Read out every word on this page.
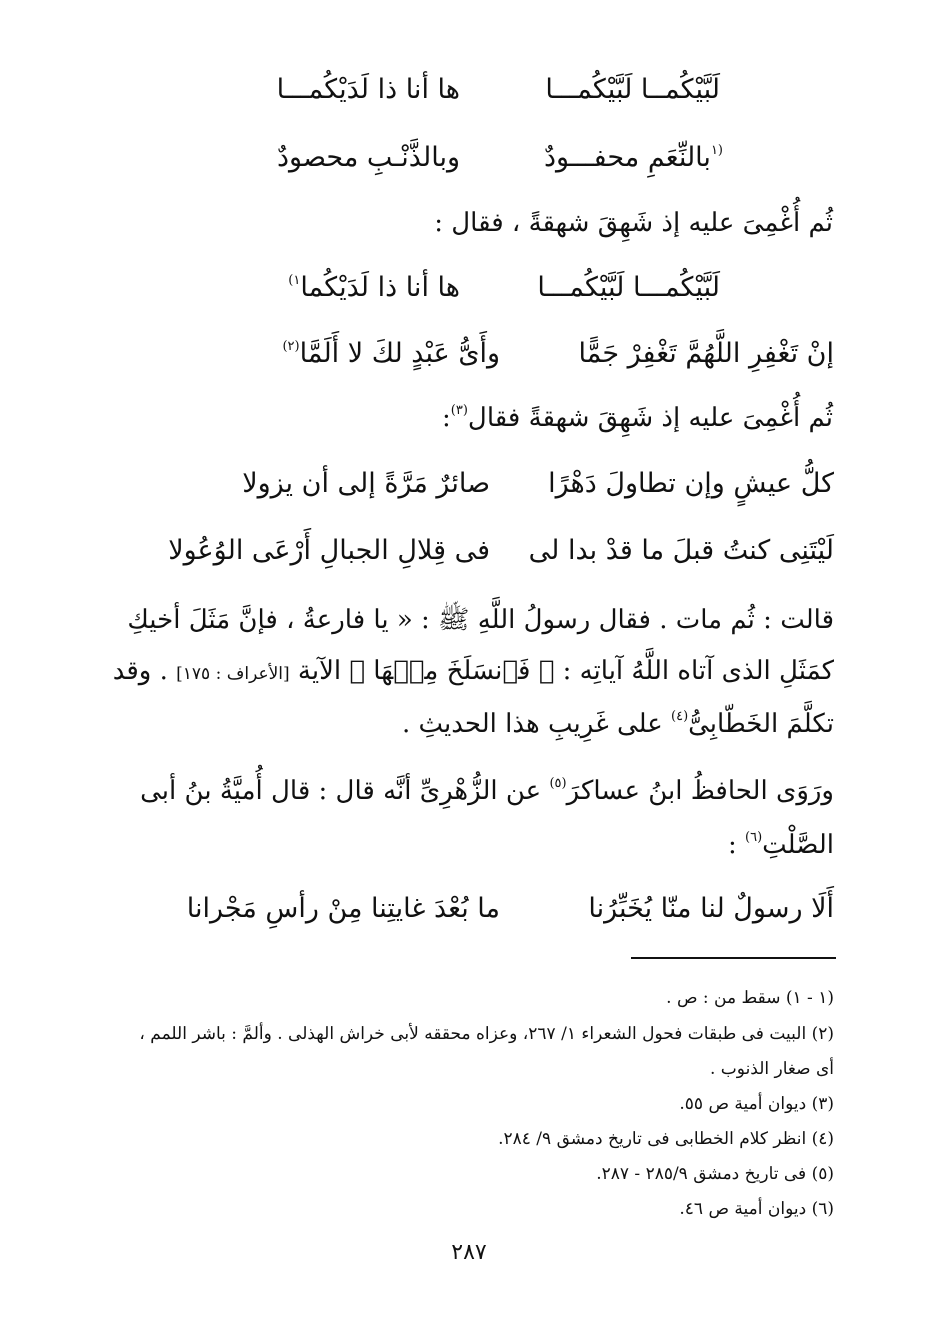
لَبَّيْكُمــا لَبَّيْكُمـــا
ها أنا ذا لَدَيْكُمـــا
$^{(١}$بالنِّعَمِ محفـــودٌ
وبالذَّنْـبِ محصودٌ
ثُم أُغْمِىَ عليه إذ شَهِقَ شهقةً ، فقال :
لَبَّيْكُمـــا لَبَّيْكُمـــا
ها أنا ذا لَدَيْكُما$^{١)}$
إنْ تَغْفِرِ اللَّهُمَّ تَغْفِرْ جَمًّا
وأَىُّ عَبْدٍ لكَ لا أَلَمَّا$^{(٢)}$
ثُم أُغْمِىَ عليه إذ شَهِقَ شهقةً فقال$^{(٣)}$:
كلُّ عيشٍ وإن تطاولَ دَهْرًا
صائرٌ مَرَّةً إلى أن يزولا
لَيْتَنِى كنتُ قبلَ ما قدْ بدا لى
فى قِلالِ الجبالِ أَرْعَى الوُعُولا
قالت : ثُم مات . فقال رسولُ اللَّهِ ﷺ : « يا فارعةُ ، فإنَّ مَثَلَ أخيكِ
كمَثَلِ الذى آتاه اللَّهُ آياتِه : ﴿ فَٱنسَلَخَ مِنۡهَا ﴾ الآية [الأعراف : ١٧٥] . وقد
تكلَّمَ الخَطّابِىُّ$^{(٤)}$ على غَرِيبِ هذا الحديثِ .
ورَوَى الحافظُ ابنُ عساكرَ$^{(٥)}$ عن الزُّهْرِىِّ أنَّه قال : قال أُميَّةُ بنُ أبى
الصَّلْتِ$^{(٦)}$ :
أَلَا رسولٌ لنا منّا يُخَبِّرُنا
ما بُعْدَ غايتِنا مِنْ رأسِ مَجْرانا
(١ - ١) سقط من : ص .
(٢) البيت فى طبقات فحول الشعراء ١/ ٢٦٧، وعزاه محققه لأبى خراش الهذلى . وألمَّ : باشر اللمم ،
أى صغار الذنوب .
(٣) ديوان أمية ص ٥٥.
(٤) انظر كلام الخطابى فى تاريخ دمشق ٩/ ٢٨٤.
(٥) فى تاريخ دمشق ٢٨٥/٩ - ٢٨٧.
(٦) ديوان أمية ص ٤٦.
٢٨٧
